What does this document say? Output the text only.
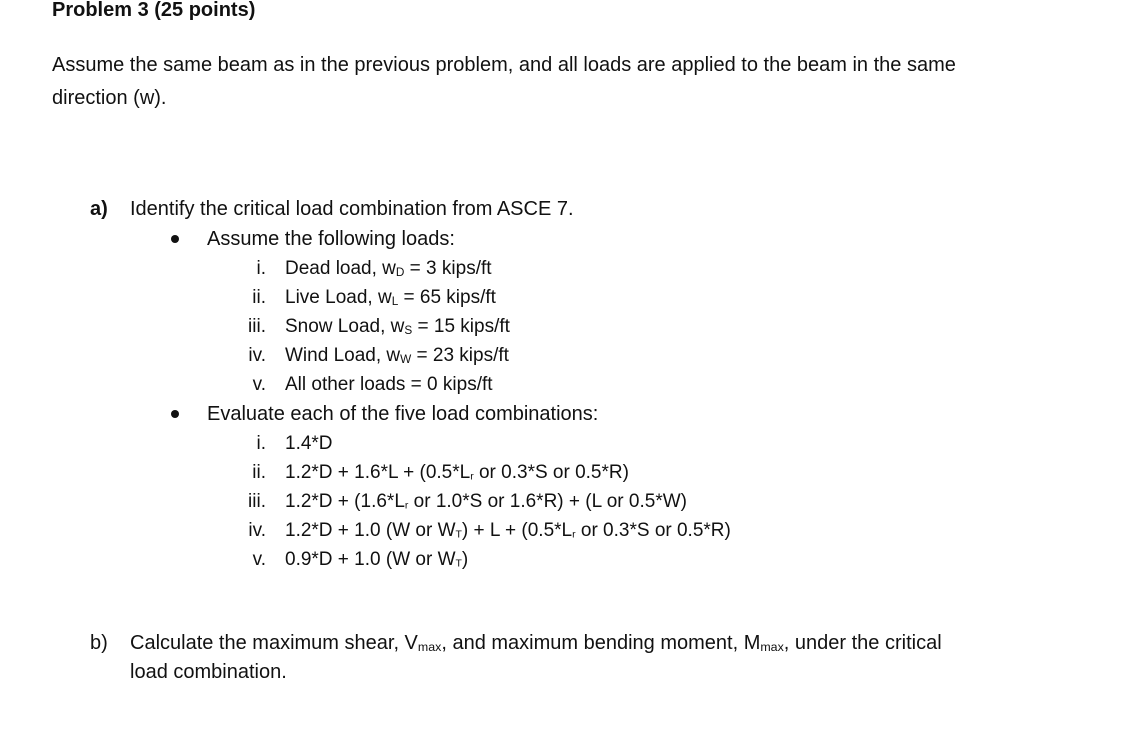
Problem 3 (25 points)
Assume the same beam as in the previous problem, and all loads are applied to the beam in the same
direction (w).
a) Identify the critical load combination from ASCE 7.
Assume the following loads:
i. Dead load, $w_D = 3$ kips/ft
ii. Live Load, $w_L = 65$ kips/ft
iii. Snow Load, $w_S = 15$ kips/ft
iv. Wind Load, $w_W = 23$ kips/ft
v. All other loads = 0 kips/ft
Evaluate each of the five load combinations:
i. 1.4*D
ii. $1.2*D + 1.6*L + (0.5*L_r$ or 0.3*S or 0.5*R)
iii. $1.2*D + (1.6*L_r$ or 1.0*S or 1.6*R) + (L or 0.5*W)
iv. 1.2*D + 1.0 (W or $W_T) + L + (0.5*L_r$ or 0.3*S or 0.5*R)
v. 0.9*D + 1.0 (W or $W_T$)
b) Calculate the maximum shear, $V_{max}$, and maximum bending moment, $M_{max}$, under the critical
load combination.
